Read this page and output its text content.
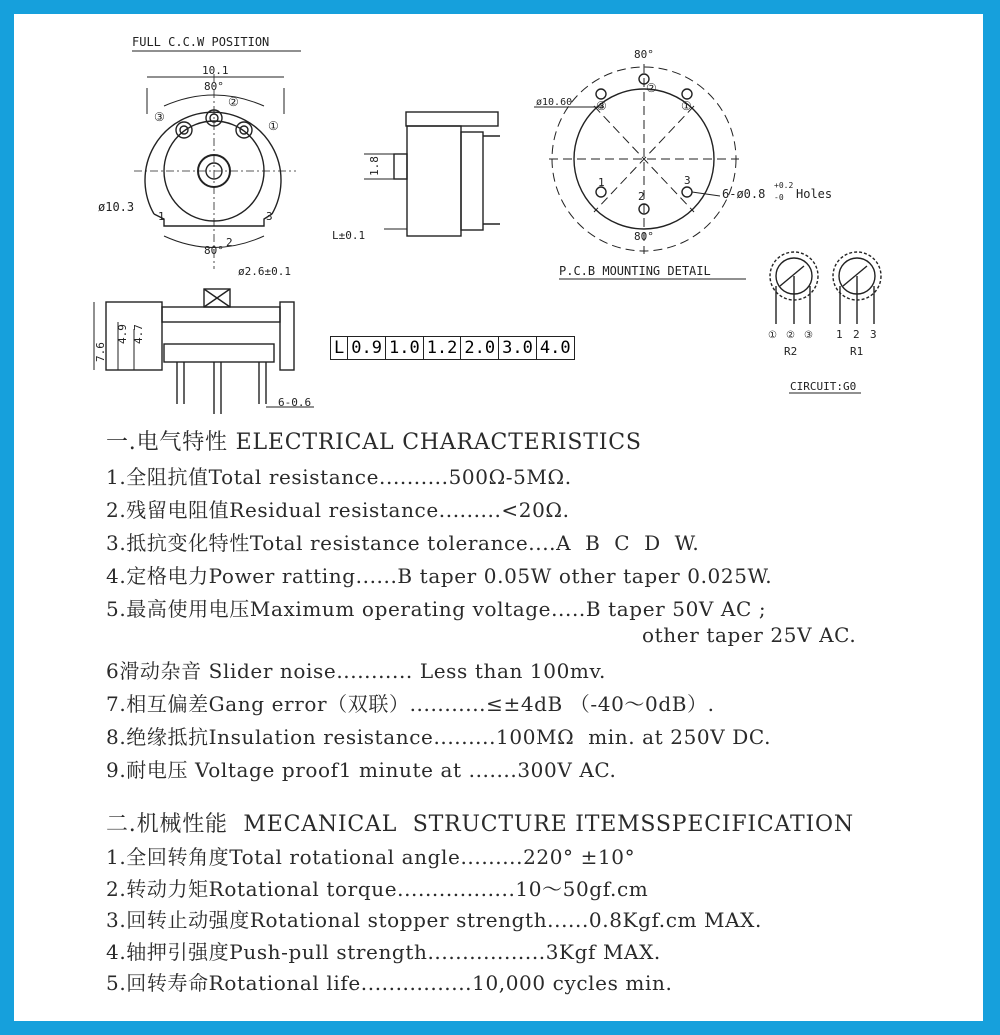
FULL C.C.W POSITION
10.1
80°
80°
ø10.3
③
②
①
1
2
3
1.8
L±0.1
ø2.6±0.1
7.6
4.9 4.7
6-0.6
80°
80°
ø10.60 ③
②
①
1
2
3
6-ø0.8
+0.2
-0 Holes
P.C.B MOUNTING DETAIL
① ② ③ 1 2 3
R2	R1
CIRCUIT:G0
L	0.9	1.0	1.2	2.0	3.0	4.0
一.电气特性 ELECTRICAL CHARACTERISTICS
1.全阻抗值Total resistance..........500Ω-5MΩ.
2.残留电阻值Residual resistance.........<20Ω.
3.抵抗变化特性Total resistance tolerance....A  B  C  D  W.
4.定格电力Power ratting......B taper 0.05W other taper 0.025W.
5.最高使用电压Maximum operating voltage.....B taper 50V AC ;
other taper 25V AC.
6滑动杂音 Slider noise........... Less than 100mv.
7.相互偏差Gang error（双联）...........≤±4dB （-40～0dB）.
8.绝缘抵抗Insulation resistance.........100MΩ  min. at 250V DC.
9.耐电压 Voltage proof1 minute at .......300V AC.
二.机械性能  MECANICAL  STRUCTURE ITEMSSPECIFICATION
1.全回转角度Total rotational angle.........220° ±10°
2.转动力矩Rotational torque.................10～50gf.cm
3.回转止动强度Rotational stopper strength......0.8Kgf.cm MAX.
4.轴押引强度Push-pull strength.................3Kgf MAX.
5.回转寿命Rotational life................10,000 cycles min.
